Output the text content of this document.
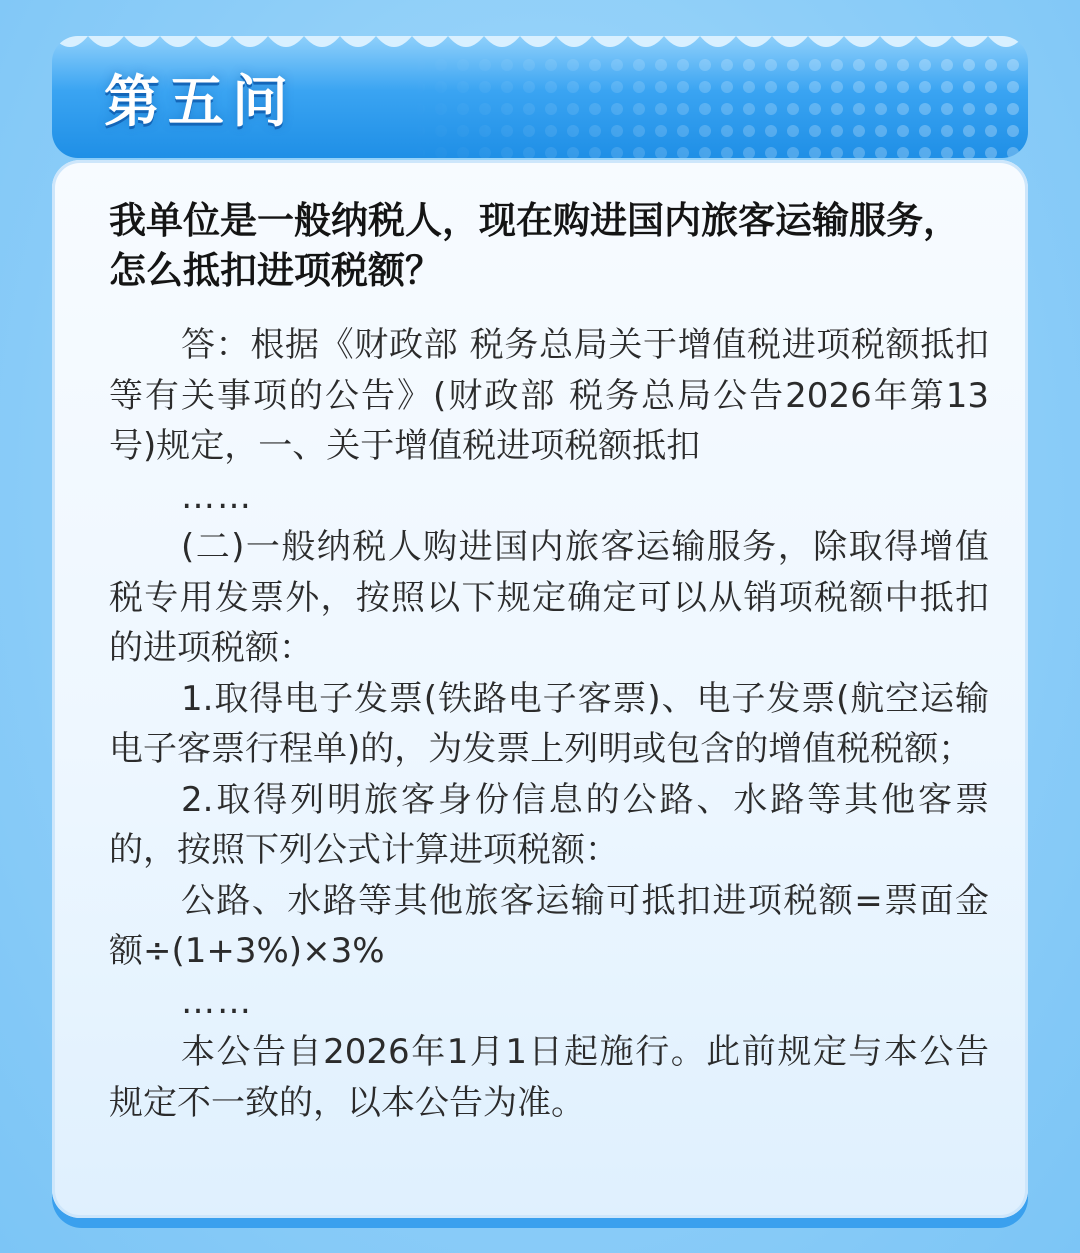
第五问

我单位是一般纳税人，现在购进国内旅客运输服务，怎么抵扣进项税额？

答：根据《财政部 税务总局关于增值税进项税额抵扣等有关事项的公告》(财政部 税务总局公告2026年第13号)规定，一、关于增值税进项税额抵扣

……

(二)一般纳税人购进国内旅客运输服务，除取得增值税专用发票外，按照以下规定确定可以从销项税额中抵扣的进项税额：

1.取得电子发票(铁路电子客票)、电子发票(航空运输电子客票行程单)的，为发票上列明或包含的增值税税额；

2.取得列明旅客身份信息的公路、水路等其他客票的，按照下列公式计算进项税额：

公路、水路等其他旅客运输可抵扣进项税额=票面金额÷(1+3%)×3%

……

本公告自2026年1月1日起施行。此前规定与本公告规定不一致的，以本公告为准。
